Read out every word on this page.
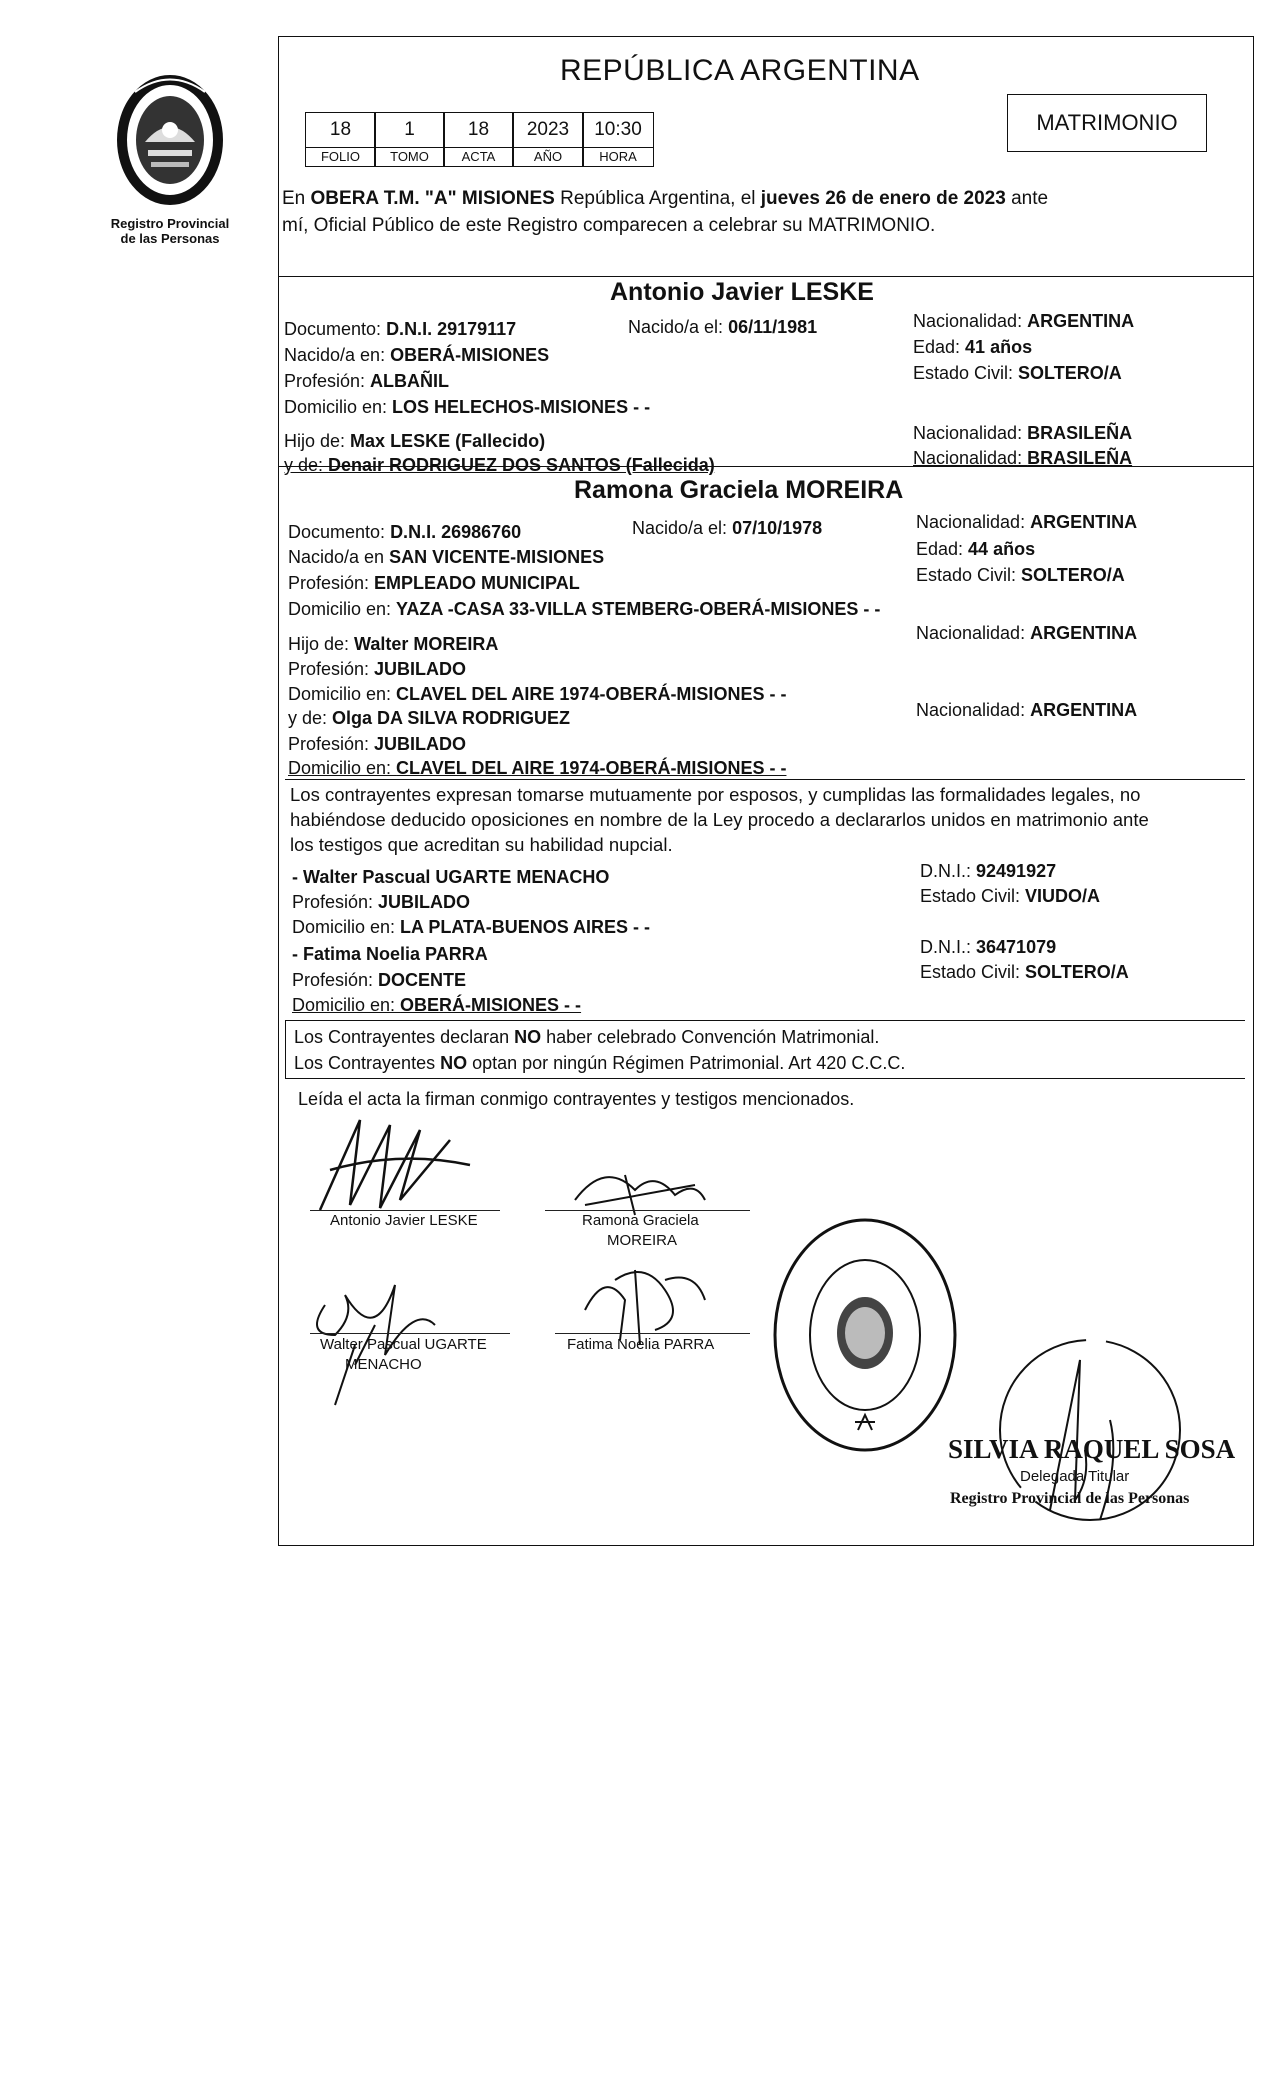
Registro Provincial
de las Personas
REPÚBLICA ARGENTINA
18	1	18	2023	10:30
FOLIO	TOMO	ACTA	AÑO	HORA
MATRIMONIO
En OBERA T.M. "A" MISIONES República Argentina, el jueves 26 de enero de 2023 ante
mí, Oficial Público de este Registro comparecen a celebrar su MATRIMONIO.
Antonio Javier LESKE
Documento: D.N.I. 29179117	Nacido/a el: 06/11/1981	Nacionalidad: ARGENTINA
Nacido/a en: OBERÁ-MISIONES	Edad: 41 años
Profesión: ALBAÑIL	Estado Civil: SOLTERO/A
Domicilio en: LOS HELECHOS-MISIONES - -
Hijo de: Max LESKE (Fallecido)	Nacionalidad: BRASILEÑA
y de: Denair RODRIGUEZ DOS SANTOS (Fallecida)	Nacionalidad: BRASILEÑA
Ramona Graciela MOREIRA
Documento: D.N.I. 26986760	Nacido/a el: 07/10/1978	Nacionalidad: ARGENTINA
Nacido/a en SAN VICENTE-MISIONES	Edad: 44 años
Profesión: EMPLEADO MUNICIPAL	Estado Civil: SOLTERO/A
Domicilio en: YAZA -CASA 33-VILLA STEMBERG-OBERÁ-MISIONES - -
Hijo de: Walter MOREIRA
Nacionalidad: ARGENTINA
Profesión: JUBILADO
Domicilio en: CLAVEL DEL AIRE 1974-OBERÁ-MISIONES - -
y de: Olga DA SILVA RODRIGUEZ	Nacionalidad: ARGENTINA
Profesión: JUBILADO
Domicilio en: CLAVEL DEL AIRE 1974-OBERÁ-MISIONES - -
Los contrayentes expresan tomarse mutuamente por esposos, y cumplidas las formalidades legales, no
habiéndose deducido oposiciones en nombre de la Ley procedo a declararlos unidos en matrimonio ante
los testigos que acreditan su habilidad nupcial.
- Walter Pascual UGARTE MENACHO
Profesión: JUBILADO
Domicilio en: LA PLATA-BUENOS AIRES - -
D.N.I.: 92491927
Estado Civil: VIUDO/A
- Fatima Noelia PARRA
Profesión: DOCENTE
Domicilio en: OBERÁ-MISIONES - -
D.N.I.: 36471079
Estado Civil: SOLTERO/A
Los Contrayentes declaran NO haber celebrado Convención Matrimonial.
Los Contrayentes NO optan por ningún Régimen Patrimonial. Art 420 C.C.C.
Leída el acta la firman conmigo contrayentes y testigos mencionados.
Antonio Javier LESKE	Ramona Graciela
MOREIRA
Walter Pascual UGARTE
MENACHO
Fatima Noelia PARRA
SILVIA RAQUEL SOSA
Delegada Titular
Registro Provincial de las Personas
